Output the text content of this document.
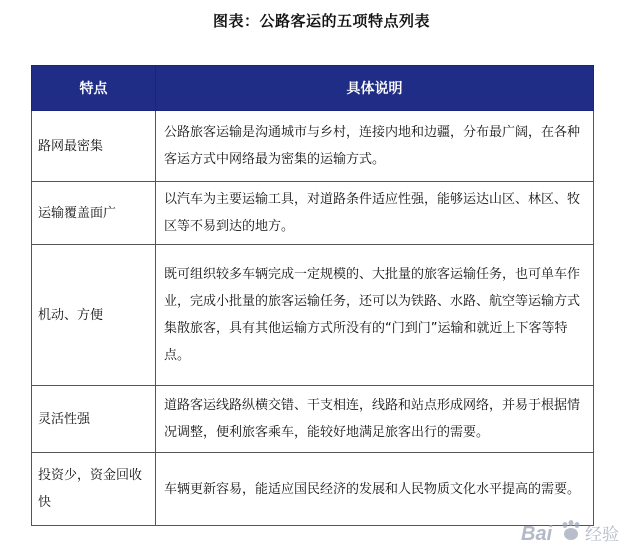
图表：公路客运的五项特点列表
特点	具体说明
路网最密集	公路旅客运输是沟通城市与乡村，连接内地和边疆，分布最广阔，在各种客运方式中网络最为密集的运输方式。
运输覆盖面广	以汽车为主要运输工具，对道路条件适应性强，能够运达山区、林区、牧区等不易到达的地方。
机动、方便	既可组织较多车辆完成一定规模的、大批量的旅客运输任务，也可单车作业，完成小批量的旅客运输任务，还可以为铁路、水路、航空等运输方式集散旅客，具有其他运输方式所没有的“门到门”运输和就近上下客等特点。
灵活性强	道路客运线路纵横交错、干支相连，线路和站点形成网络，并易于根据情况调整，便利旅客乘车，能较好地满足旅客出行的需要。
投资少，资金回收快	车辆更新容易，能适应国民经济的发展和人民物质文化水平提高的需要。
Bai 经验
